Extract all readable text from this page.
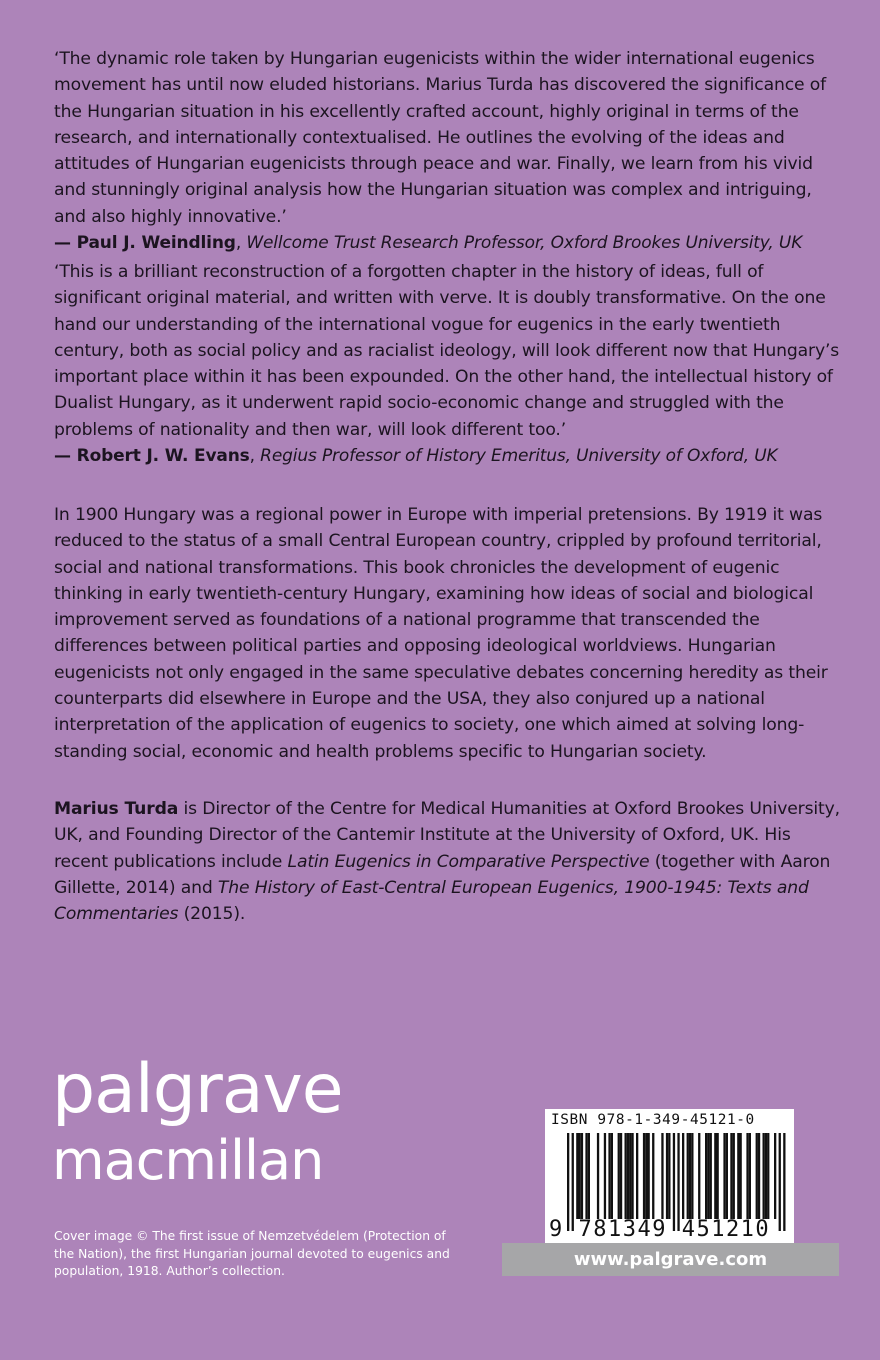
‘The dynamic role taken by Hungarian eugenicists within the wider international eugenics movement has until now eluded historians. Marius Turda has discovered the significance of the Hungarian situation in his excellently crafted account, highly original in terms of the research, and internationally contextualised. He outlines the evolving of the ideas and attitudes of Hungarian eugenicists through peace and war. Finally, we learn from his vivid and stunningly original analysis how the Hungarian situation was complex and intriguing, and also highly innovative.’

— Paul J. Weindling, Wellcome Trust Research Professor, Oxford Brookes University, UK

‘This is a brilliant reconstruction of a forgotten chapter in the history of ideas, full of significant original material, and written with verve. It is doubly transformative. On the one hand our understanding of the international vogue for eugenics in the early twentieth century, both as social policy and as racialist ideology, will look different now that Hungary’s important place within it has been expounded. On the other hand, the intellectual history of Dualist Hungary, as it underwent rapid socio-economic change and struggled with the problems of nationality and then war, will look different too.’

— Robert J. W. Evans, Regius Professor of History Emeritus, University of Oxford, UK

In 1900 Hungary was a regional power in Europe with imperial pretensions. By 1919 it was reduced to the status of a small Central European country, crippled by profound territorial, social and national transformations. This book chronicles the development of eugenic thinking in early twentieth-century Hungary, examining how ideas of social and biological improvement served as foundations of a national programme that transcended the differences between political parties and opposing ideological worldviews. Hungarian eugenicists not only engaged in the same speculative debates concerning heredity as their counterparts did elsewhere in Europe and the USA, they also conjured up a national interpretation of the application of eugenics to society, one which aimed at solving long-standing social, economic and health problems specific to Hungarian society.

Marius Turda is Director of the Centre for Medical Humanities at Oxford Brookes University, UK, and Founding Director of the Cantemir Institute at the University of Oxford, UK. His recent publications include Latin Eugenics in Comparative Perspective (together with Aaron Gillette, 2014) and The History of East-Central European Eugenics, 1900-1945: Texts and Commentaries (2015).

palgrave
macmillan
Cover image © The first issue of Nemzetvédelem (Protection of the Nation), the first Hungarian journal devoted to eugenics and population, 1918. Author’s collection.
ISBN 978-1-349-45121-0
9 781349 451210
www.palgrave.com
